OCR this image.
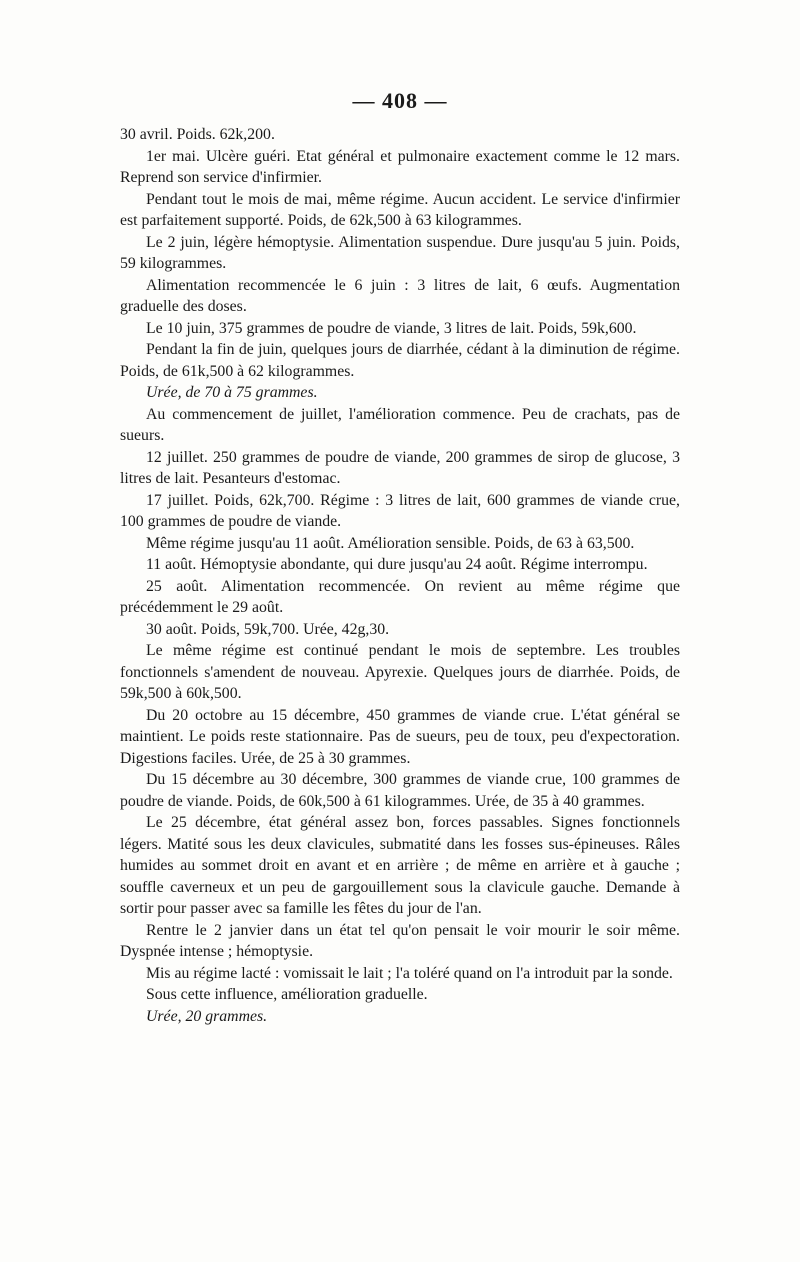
— 408 —

30 avril. Poids. 62k,200.

1er mai. Ulcère guéri. Etat général et pulmonaire exactement comme le 12 mars. Reprend son service d'infirmier.

Pendant tout le mois de mai, même régime. Aucun accident. Le service d'infirmier est parfaitement supporté. Poids, de 62k,500 à 63 kilogrammes.

Le 2 juin, légère hémoptysie. Alimentation suspendue. Dure jusqu'au 5 juin. Poids, 59 kilogrammes.

Alimentation recommencée le 6 juin : 3 litres de lait, 6 œufs. Augmentation graduelle des doses.

Le 10 juin, 375 grammes de poudre de viande, 3 litres de lait. Poids, 59k,600.

Pendant la fin de juin, quelques jours de diarrhée, cédant à la diminution de régime. Poids, de 61k,500 à 62 kilogrammes.

Urée, de 70 à 75 grammes.

Au commencement de juillet, l'amélioration commence. Peu de crachats, pas de sueurs.

12 juillet. 250 grammes de poudre de viande, 200 grammes de sirop de glucose, 3 litres de lait. Pesanteurs d'estomac.

17 juillet. Poids, 62k,700. Régime : 3 litres de lait, 600 grammes de viande crue, 100 grammes de poudre de viande.

Même régime jusqu'au 11 août. Amélioration sensible. Poids, de 63 à 63,500.

11 août. Hémoptysie abondante, qui dure jusqu'au 24 août. Régime interrompu.

25 août. Alimentation recommencée. On revient au même régime que précédemment le 29 août.

30 août. Poids, 59k,700. Urée, 42g,30.

Le même régime est continué pendant le mois de septembre. Les troubles fonctionnels s'amendent de nouveau. Apyrexie. Quelques jours de diarrhée. Poids, de 59k,500 à 60k,500.

Du 20 octobre au 15 décembre, 450 grammes de viande crue. L'état général se maintient. Le poids reste stationnaire. Pas de sueurs, peu de toux, peu d'expectoration. Digestions faciles. Urée, de 25 à 30 grammes.

Du 15 décembre au 30 décembre, 300 grammes de viande crue, 100 grammes de poudre de viande. Poids, de 60k,500 à 61 kilogrammes. Urée, de 35 à 40 grammes.

Le 25 décembre, état général assez bon, forces passables. Signes fonctionnels légers. Matité sous les deux clavicules, submatité dans les fosses sus-épineuses. Râles humides au sommet droit en avant et en arrière ; de même en arrière et à gauche ; souffle caverneux et un peu de gargouillement sous la clavicule gauche. Demande à sortir pour passer avec sa famille les fêtes du jour de l'an.

Rentre le 2 janvier dans un état tel qu'on pensait le voir mourir le soir même. Dyspnée intense ; hémoptysie.

Mis au régime lacté : vomissait le lait ; l'a toléré quand on l'a introduit par la sonde.

Sous cette influence, amélioration graduelle.

Urée, 20 grammes.
